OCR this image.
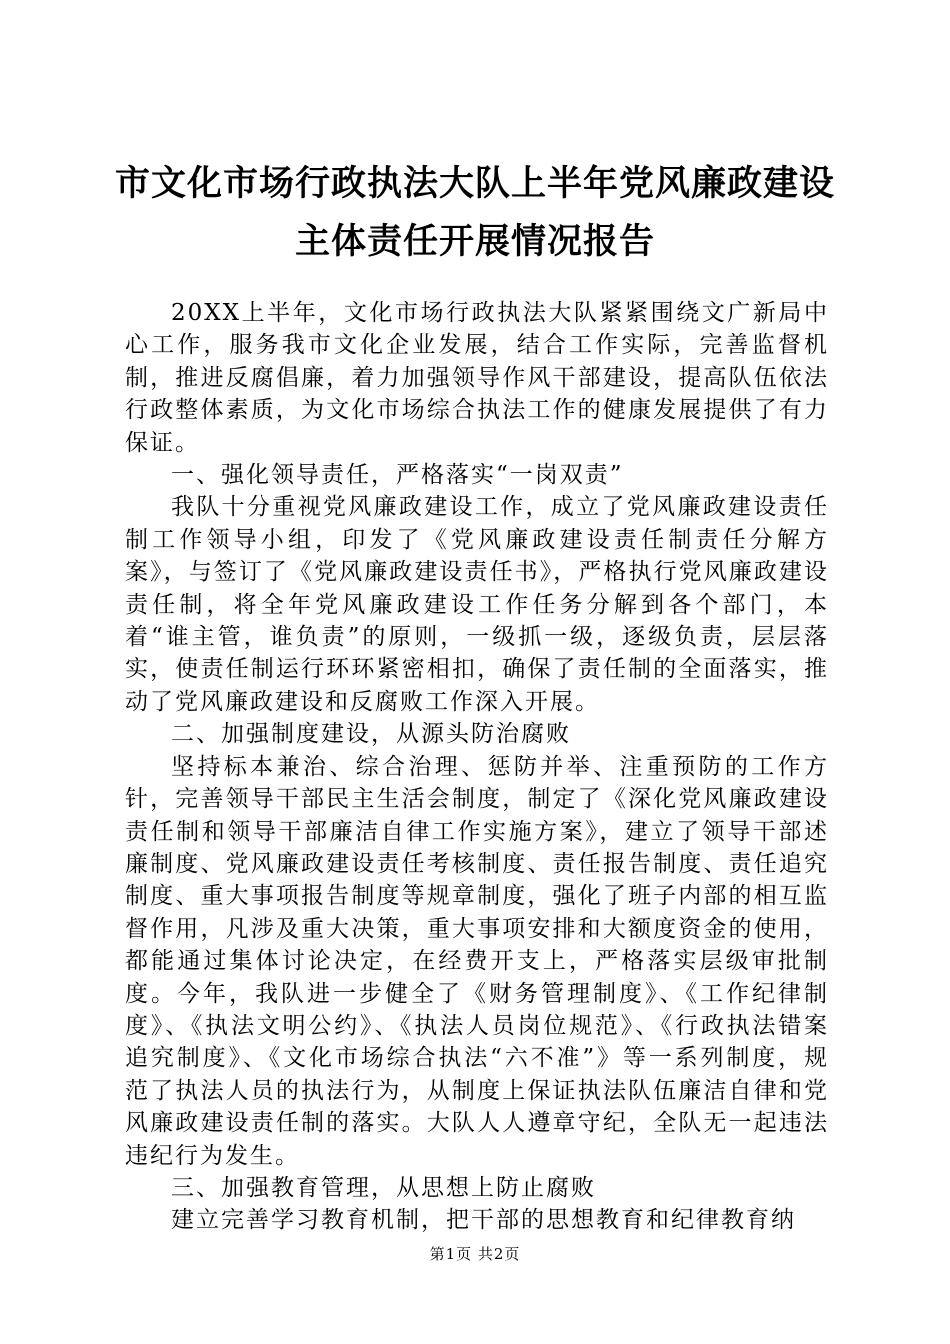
市文化市场行政执法大队上半年党风廉政建设
主体责任开展情况报告

20XX上半年，文化市场行政执法大队紧紧围绕文广新局中心工作，服务我市文化企业发展，结合工作实际，完善监督机制，推进反腐倡廉，着力加强领导作风干部建设，提高队伍依法行政整体素质，为文化市场综合执法工作的健康发展提供了有力保证。

一、强化领导责任，严格落实“一岗双责”

我队十分重视党风廉政建设工作，成立了党风廉政建设责任制工作领导小组，印发了《党风廉政建设责任制责任分解方案》，与签订了《党风廉政建设责任书》，严格执行党风廉政建设责任制，将全年党风廉政建设工作任务分解到各个部门，本着“谁主管，谁负责”的原则，一级抓一级，逐级负责，层层落实，使责任制运行环环紧密相扣，确保了责任制的全面落实，推动了党风廉政建设和反腐败工作深入开展。

二、加强制度建设，从源头防治腐败

坚持标本兼治、综合治理、惩防并举、注重预防的工作方针，完善领导干部民主生活会制度，制定了《深化党风廉政建设责任制和领导干部廉洁自律工作实施方案》，建立了领导干部述廉制度、党风廉政建设责任考核制度、责任报告制度、责任追究制度、重大事项报告制度等规章制度，强化了班子内部的相互监督作用，凡涉及重大决策，重大事项安排和大额度资金的使用，都能通过集体讨论决定，在经费开支上，严格落实层级审批制度。今年，我队进一步健全了《财务管理制度》、《工作纪律制度》、《执法文明公约》、《执法人员岗位规范》、《行政执法错案追究制度》、《文化市场综合执法“六不准”》等一系列制度，规范了执法人员的执法行为，从制度上保证执法队伍廉洁自律和党风廉政建设责任制的落实。大队人人遵章守纪，全队无一起违法违纪行为发生。

三、加强教育管理，从思想上防止腐败

建立完善学习教育机制，把干部的思想教育和纪律教育纳

第1页 共2页
